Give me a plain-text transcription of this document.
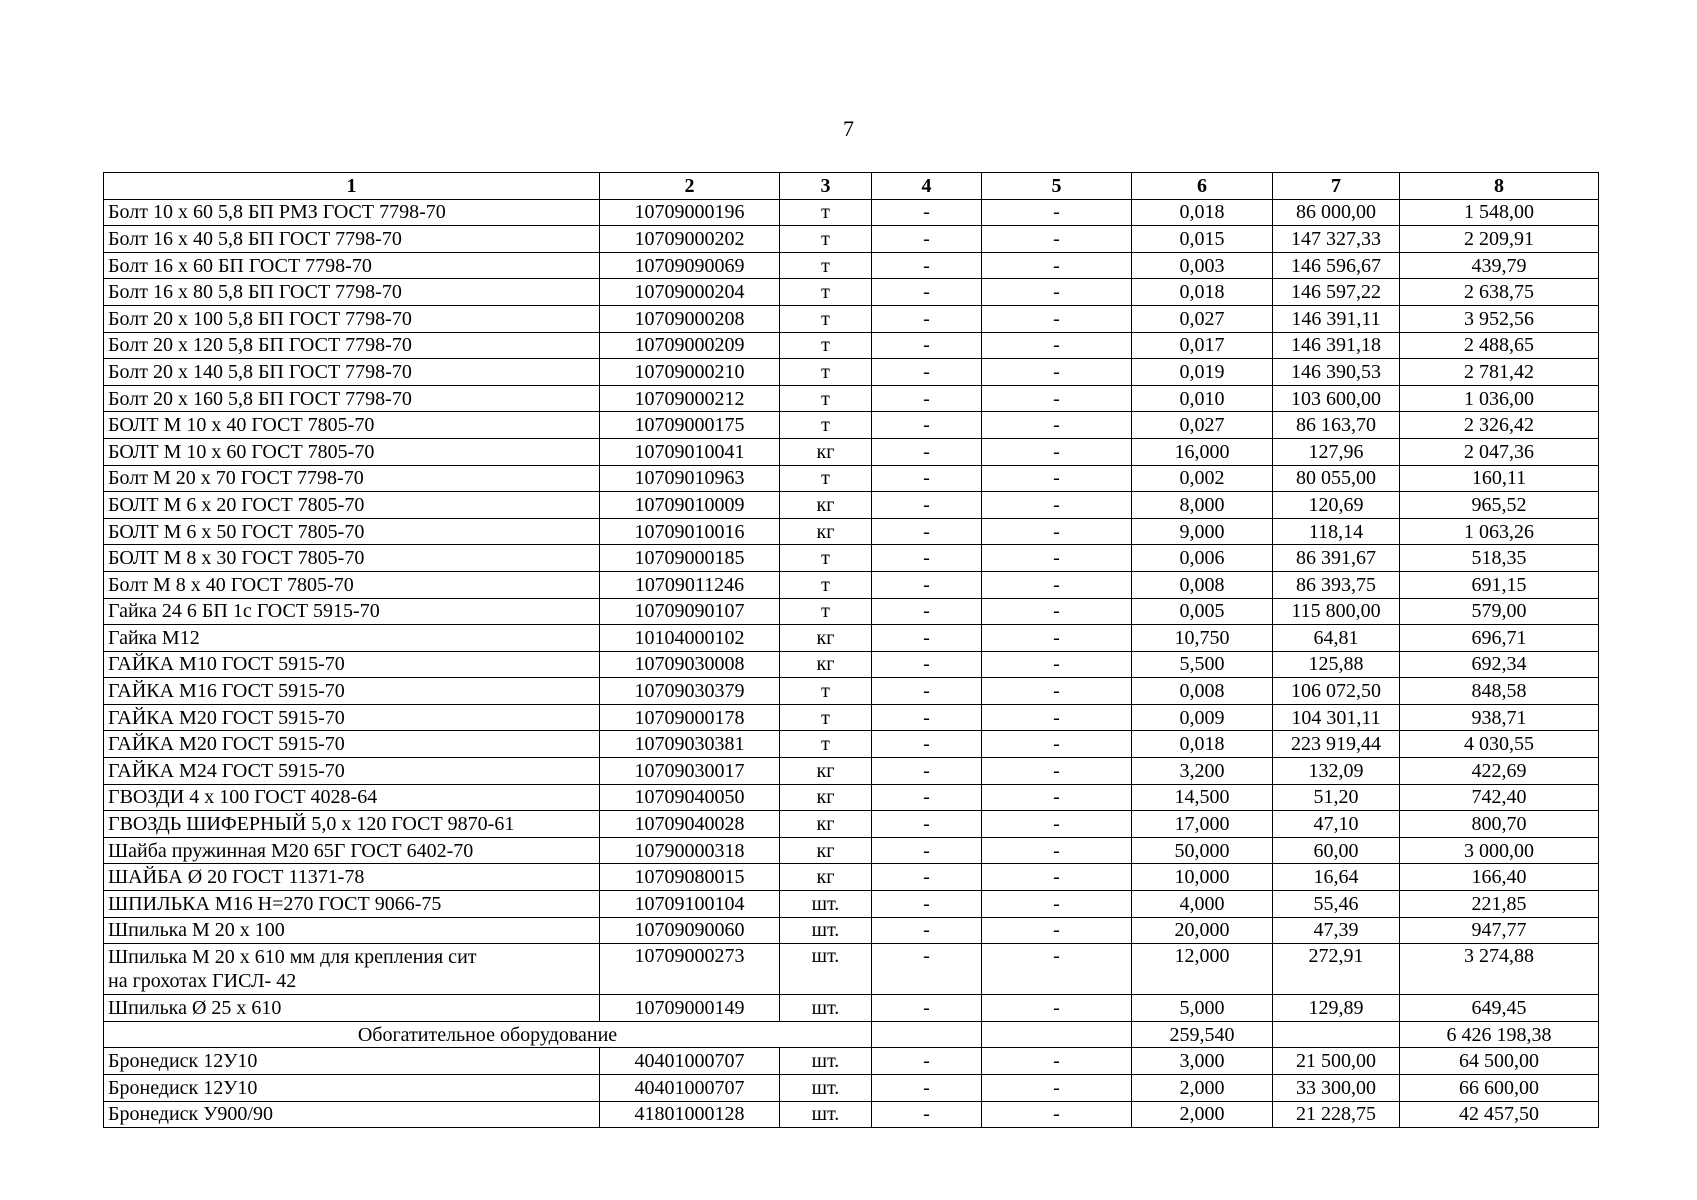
7
1	2	3	4	5	6	7	8
Болт 10 х 60 5,8 БП РМЗ ГОСТ 7798-70	10709000196	т	-	-	0,018	86 000,00	1 548,00
Болт 16 х 40 5,8 БП ГОСТ 7798-70	10709000202	т	-	-	0,015	147 327,33	2 209,91
Болт 16 х 60 БП ГОСТ 7798-70	10709090069	т	-	-	0,003	146 596,67	439,79
Болт 16 х 80 5,8 БП ГОСТ 7798-70	10709000204	т	-	-	0,018	146 597,22	2 638,75
Болт 20 х 100 5,8 БП ГОСТ 7798-70	10709000208	т	-	-	0,027	146 391,11	3 952,56
Болт 20 х 120 5,8 БП ГОСТ 7798-70	10709000209	т	-	-	0,017	146 391,18	2 488,65
Болт 20 х 140 5,8 БП ГОСТ 7798-70	10709000210	т	-	-	0,019	146 390,53	2 781,42
Болт 20 х 160 5,8 БП ГОСТ 7798-70	10709000212	т	-	-	0,010	103 600,00	1 036,00
БОЛТ М 10 х 40 ГОСТ 7805-70	10709000175	т	-	-	0,027	86 163,70	2 326,42
БОЛТ М 10 х 60 ГОСТ 7805-70	10709010041	кг	-	-	16,000	127,96	2 047,36
Болт М 20 х 70 ГОСТ 7798-70	10709010963	т	-	-	0,002	80 055,00	160,11
БОЛТ М 6 х 20 ГОСТ 7805-70	10709010009	кг	-	-	8,000	120,69	965,52
БОЛТ М 6 х 50 ГОСТ 7805-70	10709010016	кг	-	-	9,000	118,14	1 063,26
БОЛТ М 8 х 30 ГОСТ 7805-70	10709000185	т	-	-	0,006	86 391,67	518,35
Болт М 8 х 40 ГОСТ 7805-70	10709011246	т	-	-	0,008	86 393,75	691,15
Гайка 24 6 БП 1с ГОСТ 5915-70	10709090107	т	-	-	0,005	115 800,00	579,00
Гайка М12	10104000102	кг	-	-	10,750	64,81	696,71
ГАЙКА М10 ГОСТ 5915-70	10709030008	кг	-	-	5,500	125,88	692,34
ГАЙКА М16 ГОСТ 5915-70	10709030379	т	-	-	0,008	106 072,50	848,58
ГАЙКА М20 ГОСТ 5915-70	10709000178	т	-	-	0,009	104 301,11	938,71
ГАЙКА М20 ГОСТ 5915-70	10709030381	т	-	-	0,018	223 919,44	4 030,55
ГАЙКА М24 ГОСТ 5915-70	10709030017	кг	-	-	3,200	132,09	422,69
ГВОЗДИ 4 х 100 ГОСТ 4028-64	10709040050	кг	-	-	14,500	51,20	742,40
ГВОЗДЬ ШИФЕРНЫЙ 5,0 х 120 ГОСТ 9870-61	10709040028	кг	-	-	17,000	47,10	800,70
Шайба пружинная М20 65Г ГОСТ 6402-70	10790000318	кг	-	-	50,000	60,00	3 000,00
ШАЙБА Ø 20 ГОСТ 11371-78	10709080015	кг	-	-	10,000	16,64	166,40
ШПИЛЬКА М16 Н=270 ГОСТ 9066-75	10709100104	шт.	-	-	4,000	55,46	221,85
Шпилька М 20 х 100	10709090060	шт.	-	-	20,000	47,39	947,77
Шпилька М 20 х 610 мм для крепления сит
на грохотах ГИСЛ- 42	10709000273	шт.	-	-	12,000	272,91	3 274,88
Шпилька Ø 25 х 610	10709000149	шт.	-	-	5,000	129,89	649,45
Обогатительное оборудование					259,540		6 426 198,38
Бронедиск 12У10	40401000707	шт.	-	-	3,000	21 500,00	64 500,00
Бронедиск 12У10	40401000707	шт.	-	-	2,000	33 300,00	66 600,00
Бронедиск У900/90	41801000128	шт.	-	-	2,000	21 228,75	42 457,50
